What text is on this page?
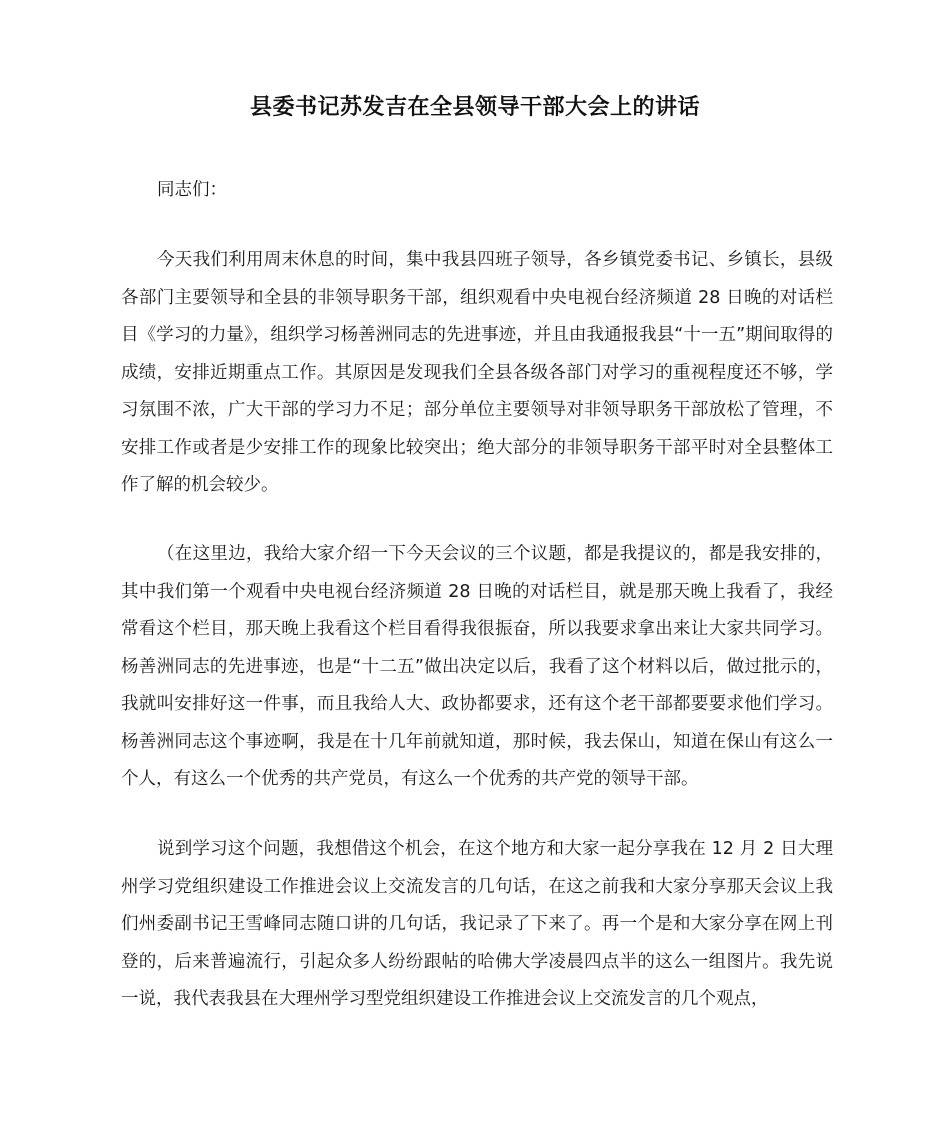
县委书记苏发吉在全县领导干部大会上的讲话
同志们：

今天我们利用周末休息的时间，集中我县四班子领导，各乡镇党委书记、乡镇长，县级各部门主要领导和全县的非领导职务干部，组织观看中央电视台经济频道 28 日晚的对话栏目《学习的力量》，组织学习杨善洲同志的先进事迹，并且由我通报我县“十一五”期间取得的成绩，安排近期重点工作。其原因是发现我们全县各级各部门对学习的重视程度还不够，学习氛围不浓，广大干部的学习力不足；部分单位主要领导对非领导职务干部放松了管理，不安排工作或者是少安排工作的现象比较突出；绝大部分的非领导职务干部平时对全县整体工作了解的机会较少。

（在这里边，我给大家介绍一下今天会议的三个议题，都是我提议的，都是我安排的，其中我们第一个观看中央电视台经济频道 28 日晚的对话栏目，就是那天晚上我看了，我经常看这个栏目，那天晚上我看这个栏目看得我很振奋，所以我要求拿出来让大家共同学习。杨善洲同志的先进事迹，也是“十二五”做出决定以后，我看了这个材料以后，做过批示的，我就叫安排好这一件事，而且我给人大、政协都要求，还有这个老干部都要要求他们学习。杨善洲同志这个事迹啊，我是在十几年前就知道，那时候，我去保山，知道在保山有这么一个人，有这么一个优秀的共产党员，有这么一个优秀的共产党的领导干部。

说到学习这个问题，我想借这个机会，在这个地方和大家一起分享我在 12 月 2 日大理州学习党组织建设工作推进会议上交流发言的几句话，在这之前我和大家分享那天会议上我们州委副书记王雪峰同志随口讲的几句话，我记录了下来了。再一个是和大家分享在网上刊登的，后来普遍流行，引起众多人纷纷跟帖的哈佛大学凌晨四点半的这么一组图片。我先说一说，我代表我县在大理州学习型党组织建设工作推进会议上交流发言的几个观点，
